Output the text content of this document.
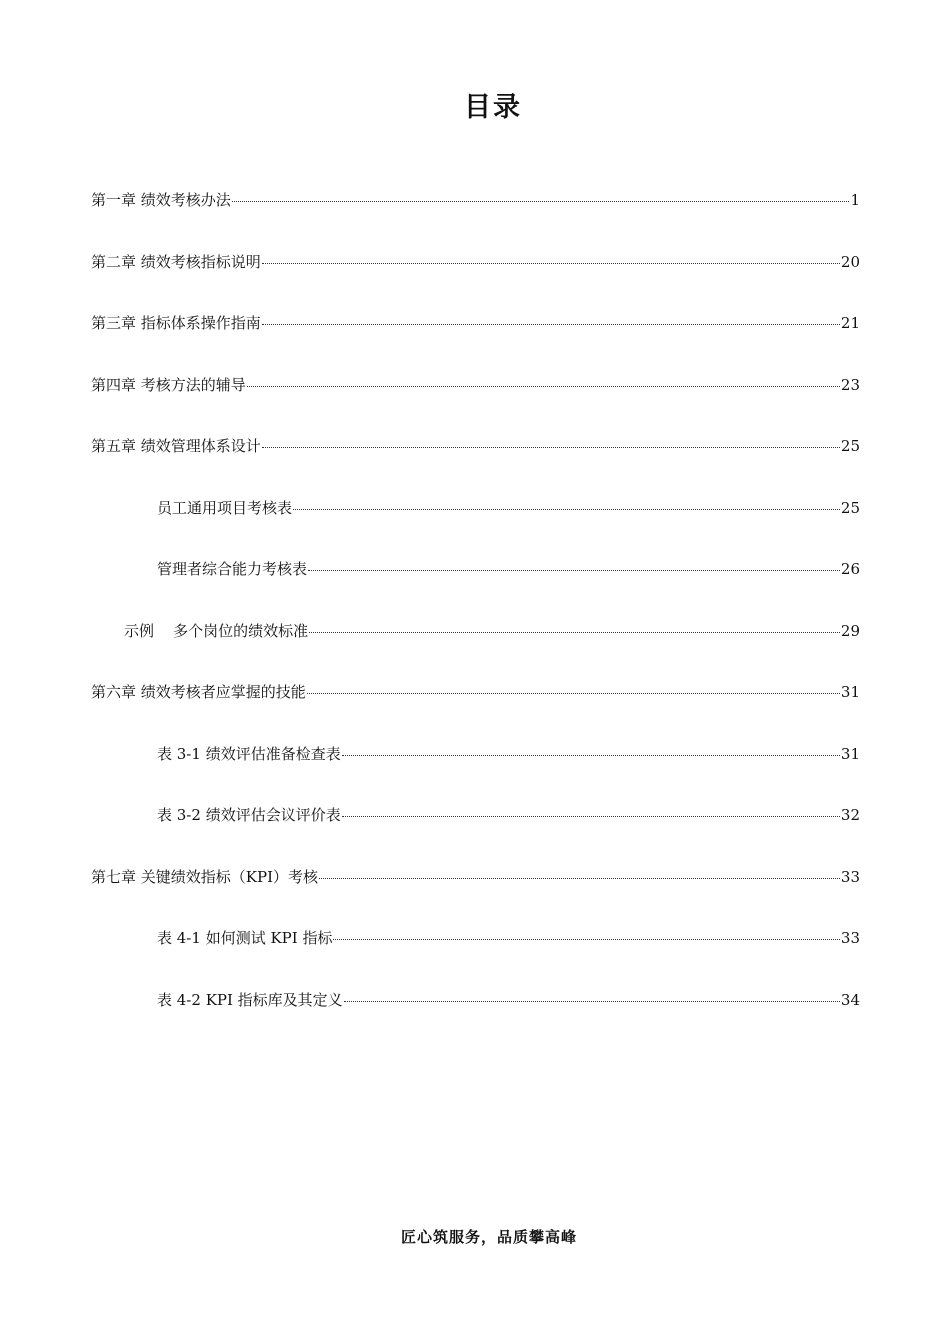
目录
第一章 绩效考核办法	1
第二章 绩效考核指标说明	20
第三章 指标体系操作指南	21
第四章 考核方法的辅导	23
第五章 绩效管理体系设计	25
员工通用项目考核表	25
管理者综合能力考核表	26
示例    多个岗位的绩效标准	29
第六章 绩效考核者应掌握的技能	31
表 3-1 绩效评估准备检查表	31
表 3-2 绩效评估会议评价表	32
第七章 关键绩效指标（KPI）考核	33
表 4-1 如何测试 KPI 指标	33
表 4-2 KPI 指标库及其定义	34
匠心筑服务，品质攀高峰
